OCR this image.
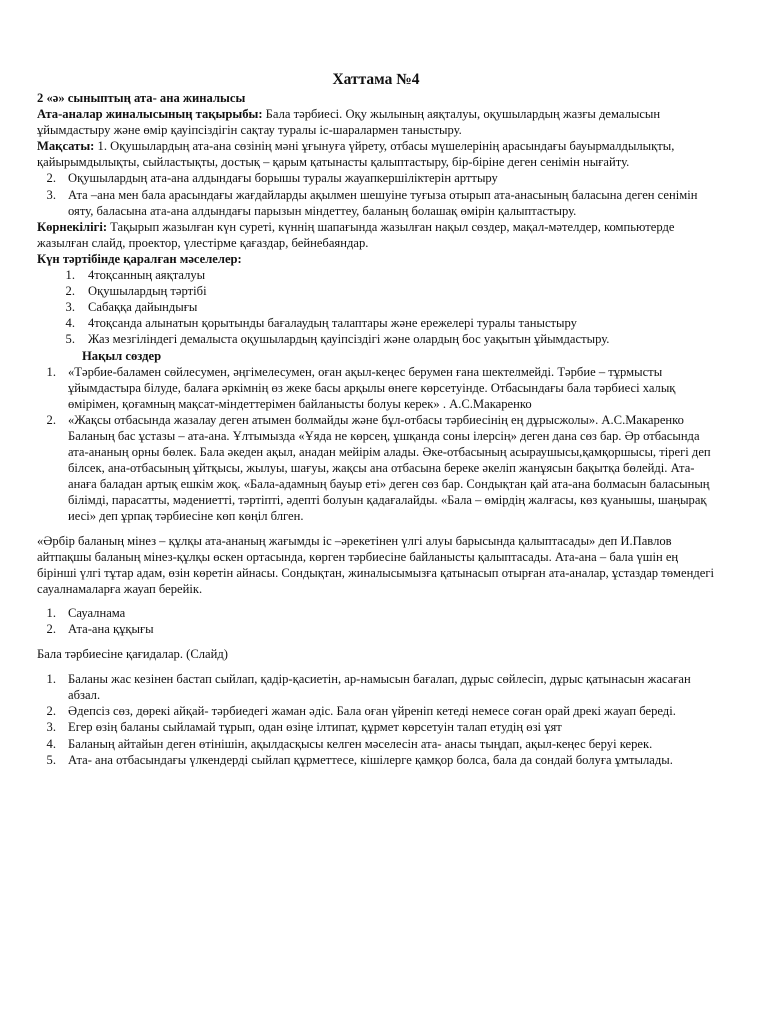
Хаттама №4

2 «ә» сыныптың ата- ана жиналысы

Ата-аналар жиналысының тақырыбы: Бала тәрбиесі. Оқу жылының аяқталуы, оқушылардың жазғы демалысын ұйымдастыру және өмір қауіпсіздігін сақтау туралы іс-шаралармен таныстыру.

Мақсаты: 1. Оқушылардың ата-ана сөзінің мәні ұғынуға үйрету, отбасы мүшелерінің арасындағы бауырмалдылықты, қайырымдылықты, сыйластықты, достық – қарым қатынасты қалыптастыру, бір-біріне деген сенімін нығайту.

2. Оқушылардың ата-ана алдындағы борышы туралы жауапкершіліктерін арттыру
3. Ата –ана мен бала арасындағы жағдайларды ақылмен шешуіне туғыза отырып ата-анасының баласына деген сенімін ояту, баласына ата-ана алдындағы парызын міндеттеу, баланың болашақ өмірін қалыптастыру.

Көрнекілігі: Тақырып жазылған күн суреті, күннің шапағында жазылған нақыл сөздер, мақал-мәтелдер, компьютерде жазылған слайд, проектор, үлестірме қағаздар, бейнебаяндар.

Күн тәртібінде қаралған мәселелер:

1. 4тоқсанның аяқталуы
2. Оқушылардың тәртібі
3. Сабаққа дайындығы
4. 4тоқсанда алынатын қорытынды бағалаудың талаптары және ережелері туралы таныстыру
5. Жаз мезгіліндегі демалыста оқушылардың қауіпсіздігі және олардың бос уақытын ұйымдастыру.

Нақыл сөздер

1. «Тәрбие-баламен сөйлесумен, әңгімелесумен, оған ақыл-кеңес берумен ғана шектелмейді. Тәрбие – тұрмысты ұйымдастыра білуде, балаға әркімнің өз жеке басы арқылы өнеге көрсетуінде. Отбасындағы бала тәрбиесі халық өмірімен, қоғамның мақсат-міндеттерімен байланысты болуы керек» . А.С.Макаренко
2. «Жақсы отбасында жазалау деген атымен болмайды және бұл-отбасы тәрбиесінің ең дұрысжолы». А.С.Макаренко
Баланың бас ұстазы – ата-ана. Ұлтымызда «Ұяда не көрсең, ұшқанда соны ілерсің» деген дана сөз бар. Әр отбасында ата-ананың орны бөлек. Бала әкеден ақыл, анадан мейірім алады. Әке-отбасының асыраушысы,қамқоршысы, тірегі деп білсек, ана-отбасының ұйтқысы, жылуы, шағуы, жақсы ана отбасына береке әкеліп жанұясын бақытқа бөлейді. Ата-анаға баладан артық ешкім жоқ. «Бала-адамның бауыр еті» деген сөз бар. Сондықтан қай ата-ана болмасын баласының білімді, парасатты, мәдениетті, тәртіпті, әдепті болуын қадағалайды. «Бала – өмірдің жалғасы, көз қуанышы, шаңырақ иесі» деп ұрпақ тәрбиесіне көп көңіл блген.

«Әрбір баланың мінез – құлқы ата-ананың жағымды іс –әрекетінен үлгі алуы барысында қалыптасады» деп И.Павлов айтпақшы баланың мінез-құлқы өскен ортасында, көрген тәрбиесіне байланысты қалыптасады. Ата-ана – бала үшін ең бірінші үлгі тұтар адам, өзін көретін айнасы. Сондықтан, жиналысымызға қатынасып отырған ата-аналар, ұстаздар төмендегі сауалнамаларға жауап берейік.

1. Сауалнама
2. Ата-ана құқығы

Бала тәрбиесіне қағидалар. (Слайд)

1. Баланы жас кезінен бастап сыйлап, қадір-қасиетін, ар-намысын бағалап, дұрыс сөйлесіп, дұрыс қатынасын жасаған абзал.
2. Әдепсіз сөз, дөрекі айқай- тәрбиедегі жаман әдіс. Бала оған үйреніп кетеді немесе соған орай дрекі жауап береді.
3. Егер өзің баланы сыйламай тұрып, одан өзіңе ілтипат, құрмет көрсетуін талап етудің өзі ұят
4. Баланың айтайын деген өтінішін, ақылдасқысы келген мәселесін ата- анасы тыңдап, ақыл-кеңес беруі керек.
5. Ата- ана отбасындағы үлкендерді сыйлап құрметтесе, кішілерге қамқор болса, бала да сондай болуға ұмтылады.
